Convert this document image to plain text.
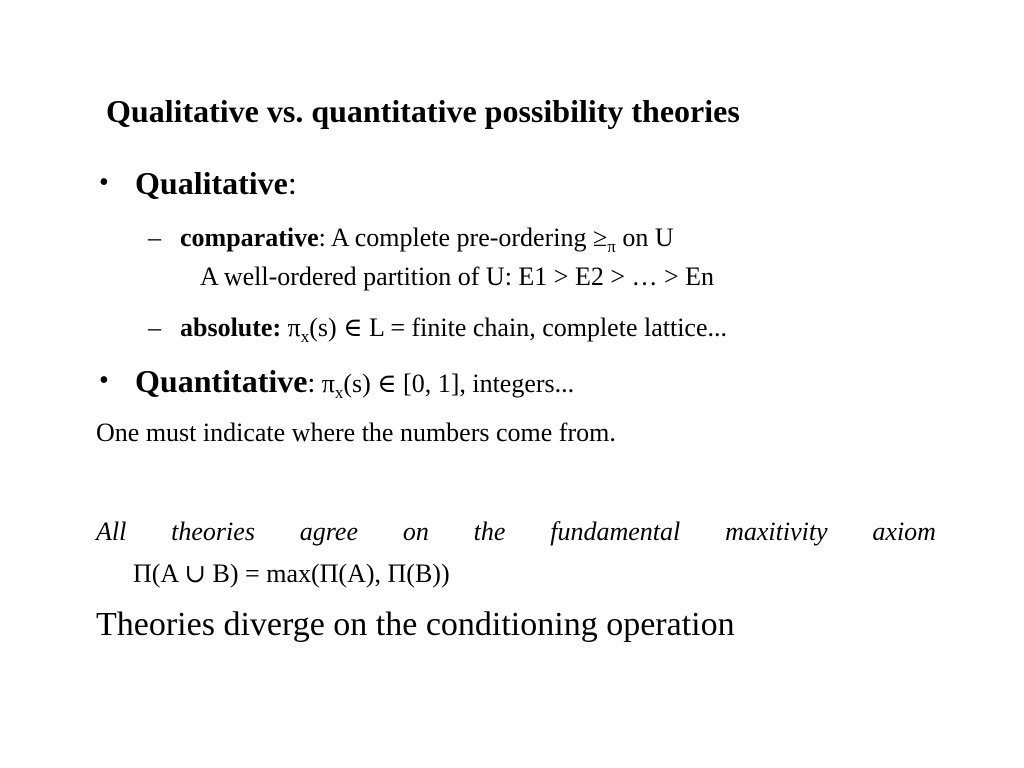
Qualitative vs. quantitative possibility theories
• Qualitative:
– comparative: A complete pre-ordering $\ge_\pi$ on U
A well-ordered partition of U: E1 > E2 > … > En
– absolute: $\pi_x(s)$ ∈ L = finite chain, complete lattice...
• Quantitative: $\pi_x(s)$ ∈ [0, 1], integers...
One must indicate where the numbers come from.
All theories agree on the fundamental maxitivity axiom
Π(A ∪ B) = max(Π(A), Π(B))
Theories diverge on the conditioning operation
